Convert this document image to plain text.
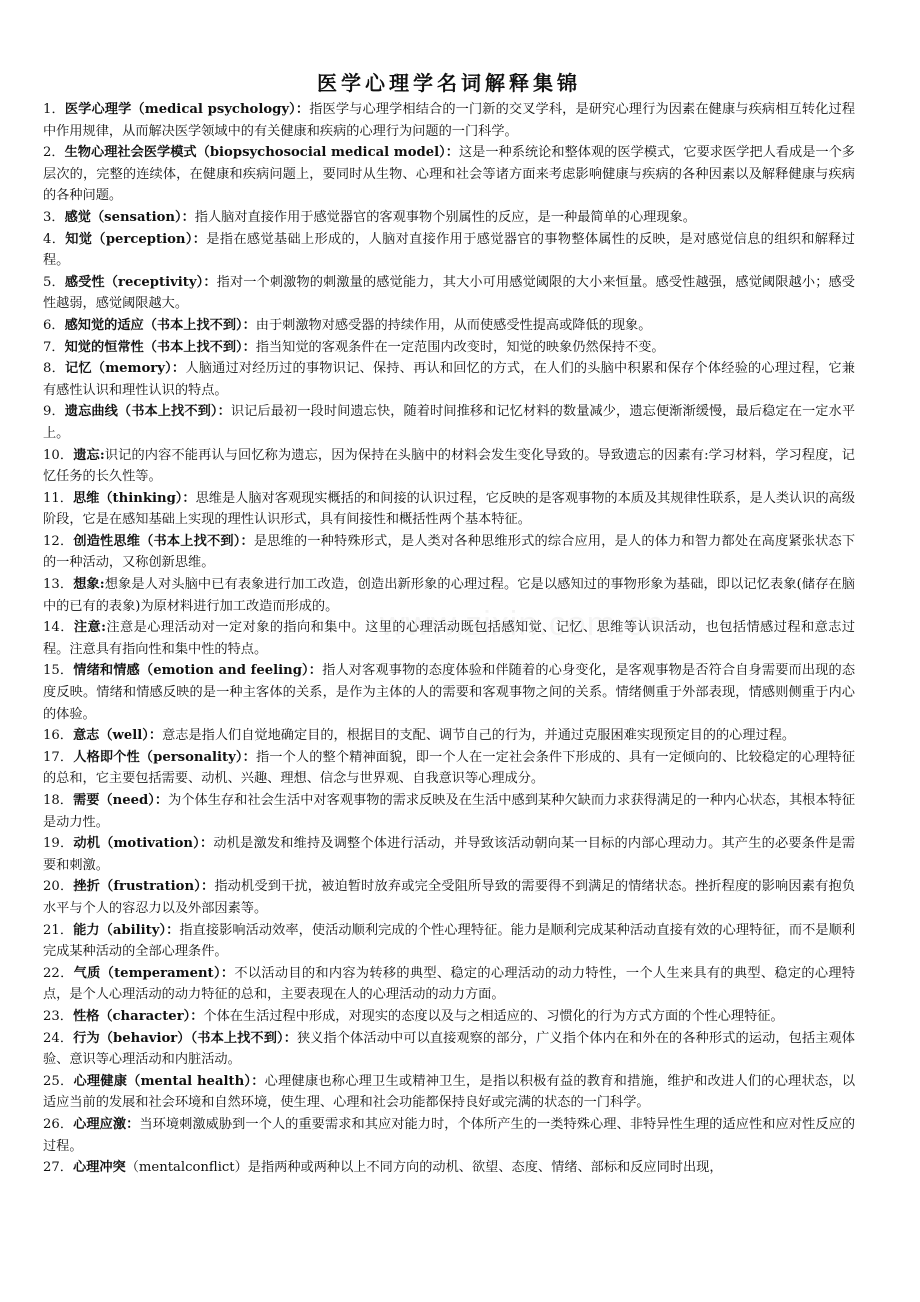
医学心理学名词解释集锦

1．医学心理学（medical psychology）：指医学与心理学相结合的一门新的交叉学科，是研究心理行为因素在健康与疾病相互转化过程中作用规律，从而解决医学领域中的有关健康和疾病的心理行为问题的一门科学。

2．生物心理社会医学模式（biopsychosocial medical model）：这是一种系统论和整体观的医学模式，它要求医学把人看成是一个多层次的，完整的连续体，在健康和疾病问题上，要同时从生物、心理和社会等诸方面来考虑影响健康与疾病的各种因素以及解释健康与疾病的各种问题。

3．感觉（sensation）：指人脑对直接作用于感觉器官的客观事物个别属性的反应，是一种最简单的心理现象。

4．知觉（perception）：是指在感觉基础上形成的，人脑对直接作用于感觉器官的事物整体属性的反映，是对感觉信息的组织和解释过程。

5．感受性（receptivity）：指对一个刺激物的刺激量的感觉能力，其大小可用感觉阈限的大小来恒量。感受性越强，感觉阈限越小；感受性越弱，感觉阈限越大。

6．感知觉的适应（书本上找不到）：由于刺激物对感受器的持续作用，从而使感受性提高或降低的现象。

7．知觉的恒常性（书本上找不到）：指当知觉的客观条件在一定范围内改变时，知觉的映象仍然保持不变。

8．记忆（memory）：人脑通过对经历过的事物识记、保持、再认和回忆的方式，在人们的头脑中积累和保存个体经验的心理过程，它兼有感性认识和理性认识的特点。

9．遗忘曲线（书本上找不到）：识记后最初一段时间遗忘快，随着时间推移和记忆材料的数量减少，遗忘便渐渐缓慢，最后稳定在一定水平上。

10．遗忘:识记的内容不能再认与回忆称为遗忘，因为保持在头脑中的材料会发生变化导致的。导致遗忘的因素有:学习材料，学习程度，记忆任务的长久性等。

11．思维（thinking）：思维是人脑对客观现实概括的和间接的认识过程，它反映的是客观事物的本质及其规律性联系，是人类认识的高级阶段，它是在感知基础上实现的理性认识形式，具有间接性和概括性两个基本特征。

12．创造性思维（书本上找不到）：是思维的一种特殊形式，是人类对各种思维形式的综合应用，是人的体力和智力都处在高度紧张状态下的一种活动，又称创新思维。

13．想象:想象是人对头脑中已有表象进行加工改造，创造出新形象的心理过程。它是以感知过的事物形象为基础，即以记忆表象(储存在脑中的已有的表象)为原材料进行加工改造而形成的。

14．注意:注意是心理活动对一定对象的指向和集中。这里的心理活动既包括感知觉、记忆、思维等认识活动，也包括情感过程和意志过程。注意具有指向性和集中性的特点。

15．情绪和情感（emotion and feeling）：指人对客观事物的态度体验和伴随着的心身变化，是客观事物是否符合自身需要而出现的态度反映。情绪和情感反映的是一种主客体的关系，是作为主体的人的需要和客观事物之间的关系。情绪侧重于外部表现，情感则侧重于内心的体验。

16．意志（well）：意志是指人们自觉地确定目的，根据目的支配、调节自己的行为，并通过克服困难实现预定目的的心理过程。

17．人格即个性（personality）：指一个人的整个精神面貌，即一个人在一定社会条件下形成的、具有一定倾向的、比较稳定的心理特征的总和，它主要包括需要、动机、兴趣、理想、信念与世界观、自我意识等心理成分。

18．需要（need）：为个体生存和社会生活中对客观事物的需求反映及在生活中感到某种欠缺而力求获得满足的一种内心状态，其根本特征是动力性。

19．动机（motivation）：动机是激发和维持及调整个体进行活动，并导致该活动朝向某一目标的内部心理动力。其产生的必要条件是需要和刺激。

20．挫折（frustration）：指动机受到干扰，被迫暂时放弃或完全受阻所导致的需要得不到满足的情绪状态。挫折程度的影响因素有抱负水平与个人的容忍力以及外部因素等。

21．能力（ability）：指直接影响活动效率，使活动顺利完成的个性心理特征。能力是顺利完成某种活动直接有效的心理特征，而不是顺利完成某种活动的全部心理条件。

22．气质（temperament）：不以活动目的和内容为转移的典型、稳定的心理活动的动力特性，一个人生来具有的典型、稳定的心理特点，是个人心理活动的动力特征的总和，主要表现在人的心理活动的动力方面。

23．性格（character）：个体在生活过程中形成，对现实的态度以及与之相适应的、习惯化的行为方式方面的个性心理特征。

24．行为（behavior）（书本上找不到）：狭义指个体活动中可以直接观察的部分，广义指个体内在和外在的各种形式的运动，包括主观体验、意识等心理活动和内脏活动。

25．心理健康（mental health）：心理健康也称心理卫生或精神卫生，是指以积极有益的教育和措施，维护和改进人们的心理状态，以适应当前的发展和社会环境和自然环境，使生理、心理和社会功能都保持良好或完满的状态的一门科学。

26．心理应激：当环境刺激威胁到一个人的重要需求和其应对能力时，个体所产生的一类特殊心理、非特异性生理的适应性和应对性反应的过程。

27．心理冲突（mentalconflict）是指两种或两种以上不同方向的动机、欲望、态度、情绪、部标和反应同时出现，
